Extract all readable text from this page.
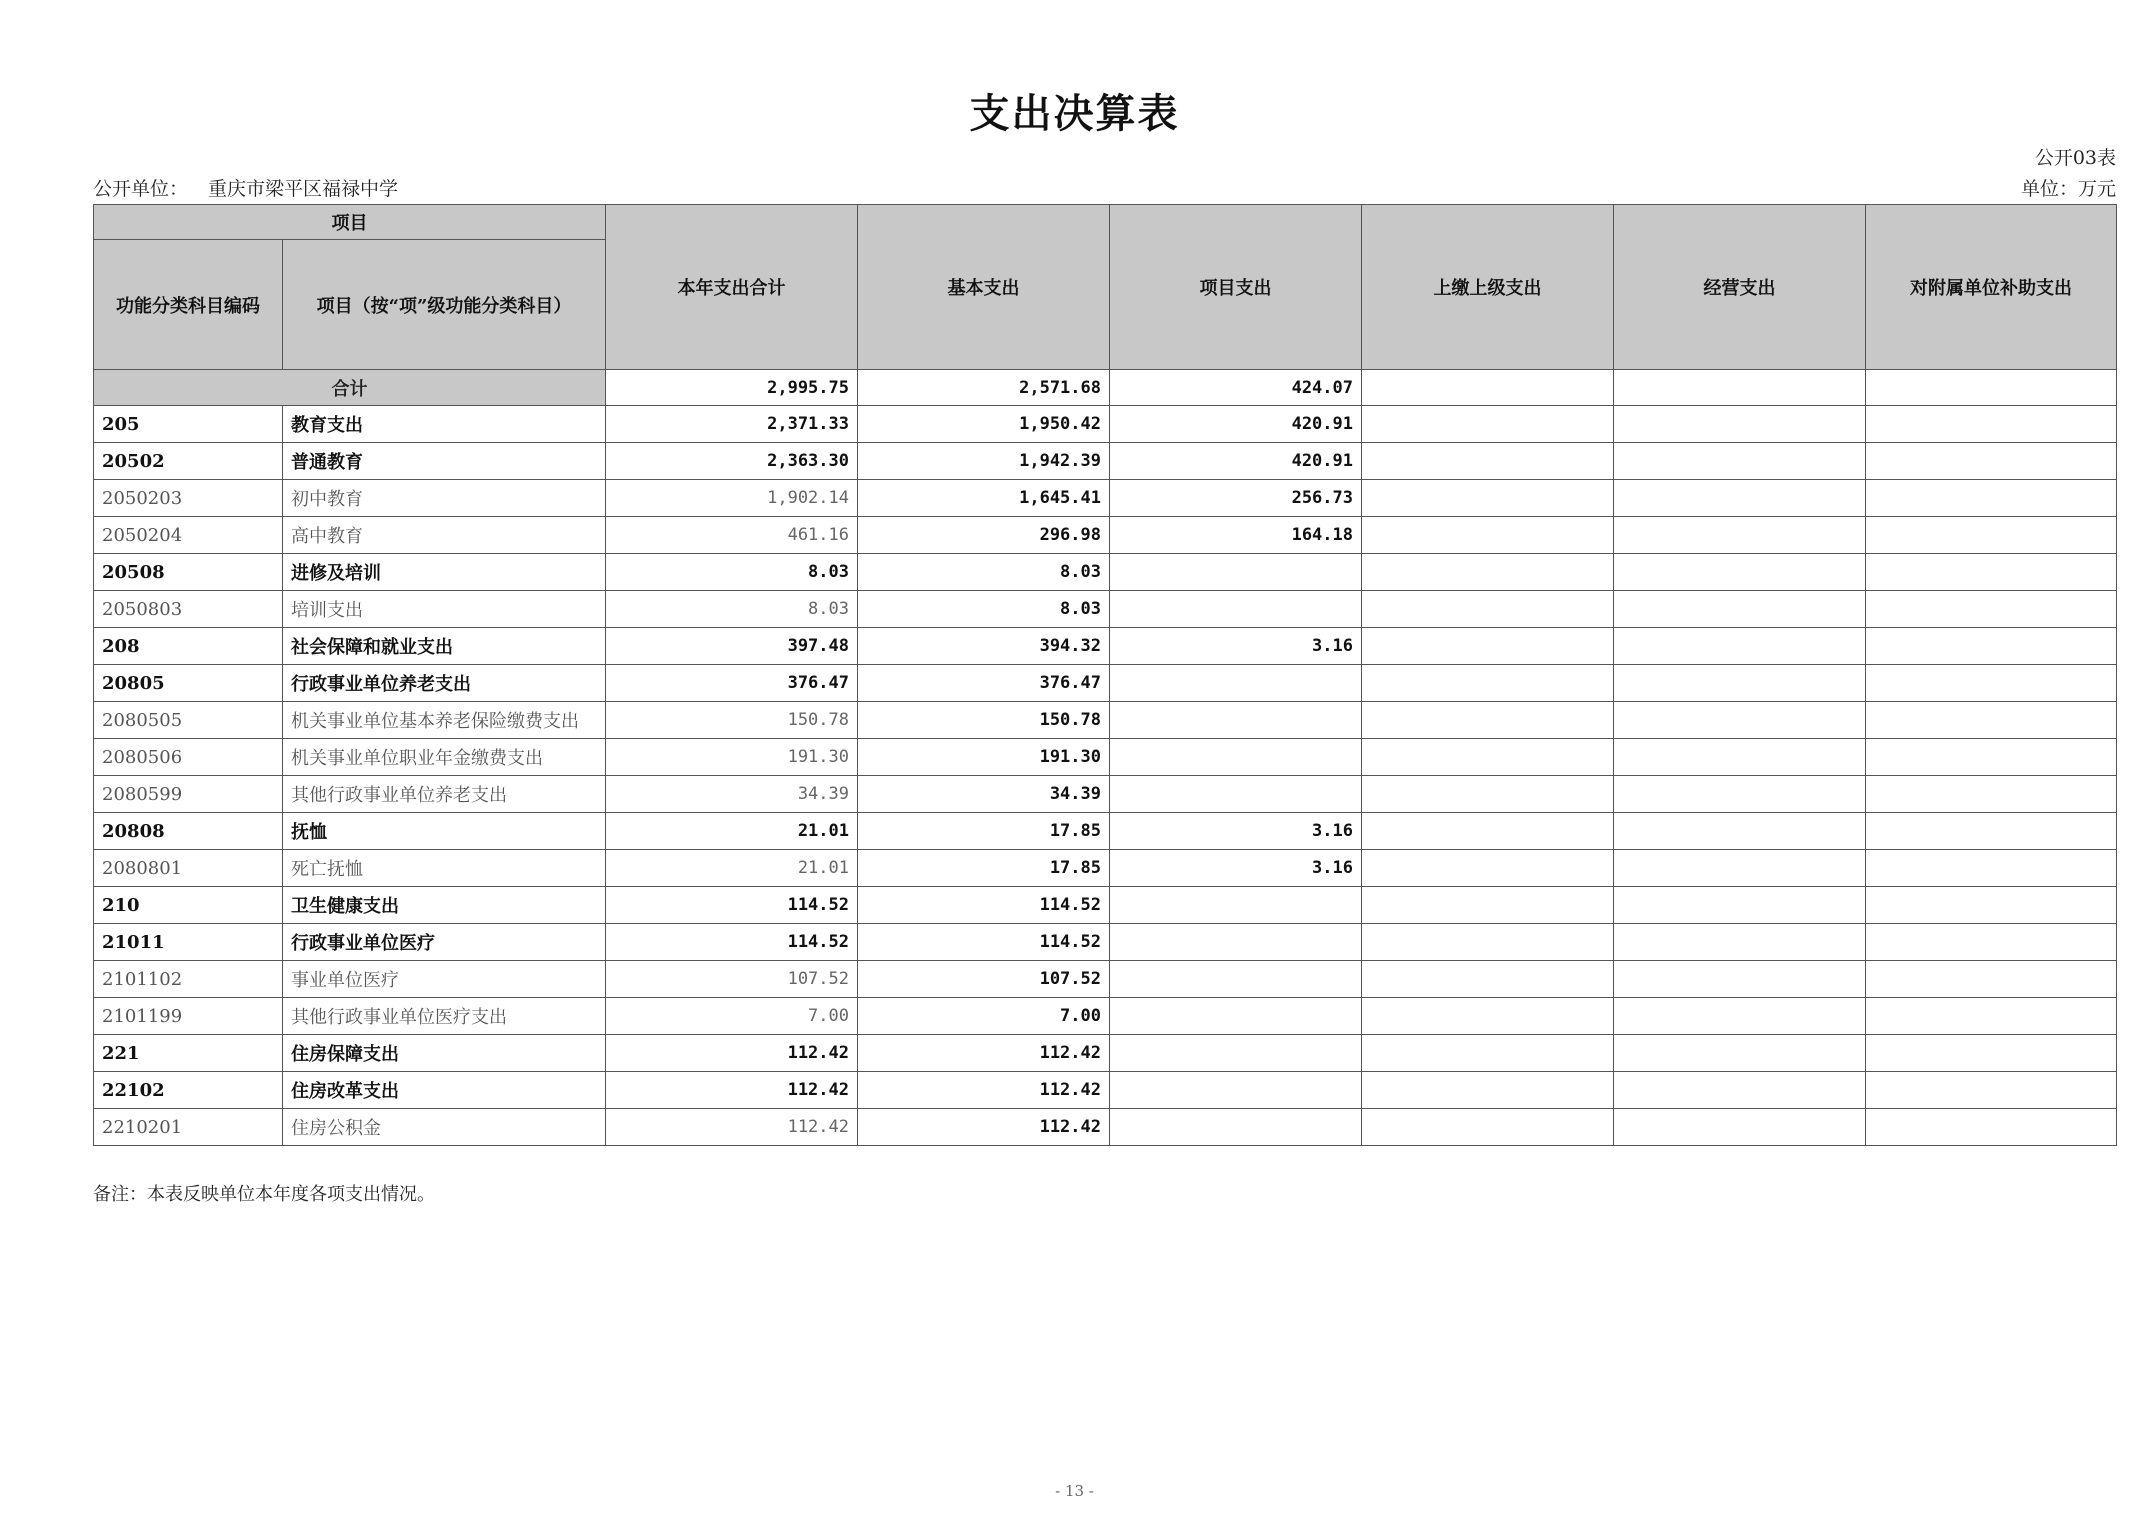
支出决算表
公开03表
公开单位： 重庆市梁平区福禄中学	单位：万元
项目		本年支出合计	基本支出	项目支出	上缴上级支出	经营支出	对附属单位补助支出
功能分类科目编码	项目（按“项”级功能分类科目）						
合计		2,995.75	2,571.68	424.07			
205	教育支出	2,371.33	1,950.42	420.91			
20502	普通教育	2,363.30	1,942.39	420.91			
2050203	初中教育	1,902.14	1,645.41	256.73			
2050204	高中教育	461.16	296.98	164.18			
20508	进修及培训	8.03	8.03				
2050803	培训支出	8.03	8.03				
208	社会保障和就业支出	397.48	394.32	3.16			
20805	行政事业单位养老支出	376.47	376.47				
2080505	机关事业单位基本养老保险缴费支出	150.78	150.78				
2080506	机关事业单位职业年金缴费支出	191.30	191.30				
2080599	其他行政事业单位养老支出	34.39	34.39				
20808	抚恤	21.01	17.85	3.16			
2080801	死亡抚恤	21.01	17.85	3.16			
210	卫生健康支出	114.52	114.52				
21011	行政事业单位医疗	114.52	114.52				
2101102	事业单位医疗	107.52	107.52				
2101199	其他行政事业单位医疗支出	7.00	7.00				
221	住房保障支出	112.42	112.42				
22102	住房改革支出	112.42	112.42				
2210201	住房公积金	112.42	112.42				
备注：本表反映单位本年度各项支出情况。
- 13 -
